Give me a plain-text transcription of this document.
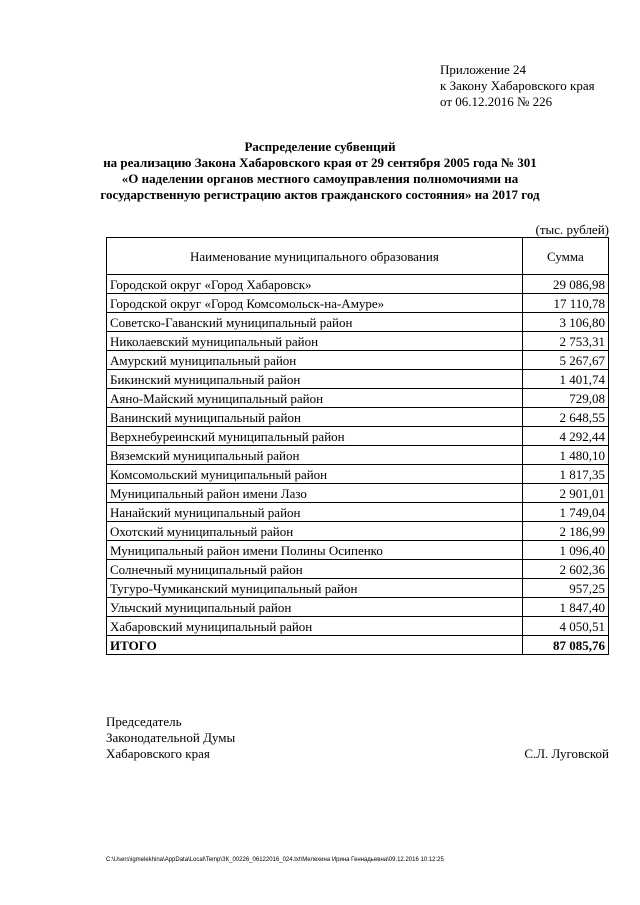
Приложение 24
к Закону Хабаровского края
от 06.12.2016 № 226
Распределение субвенций
на реализацию Закона Хабаровского края от 29 сентября 2005 года № 301
«О наделении органов местного самоуправления полномочиями на
государственную регистрацию актов гражданского состояния» на 2017 год
(тыс. рублей)
Наименование муниципального образования	Сумма
Городской округ «Город Хабаровск»	29 086,98
Городской округ «Город Комсомольск-на-Амуре»	17 110,78
Советско-Гаванский муниципальный район	3 106,80
Николаевский муниципальный район	2 753,31
Амурский муниципальный район	5 267,67
Бикинский муниципальный район	1 401,74
Аяно-Майский муниципальный район	729,08
Ванинский муниципальный район	2 648,55
Верхнебуреинский муниципальный район	4 292,44
Вяземский муниципальный район	1 480,10
Комсомольский муниципальный район	1 817,35
Муниципальный район имени Лазо	2 901,01
Нанайский муниципальный район	1 749,04
Охотский муниципальный район	2 186,99
Муниципальный район имени Полины Осипенко	1 096,40
Солнечный муниципальный район	2 602,36
Тугуро-Чумиканский муниципальный район	957,25
Ульчский муниципальный район	1 847,40
Хабаровский муниципальный район	4 050,51
ИТОГО	87 085,76
Председатель
Законодательной Думы
Хабаровского края	С.Л. Луговской
C:\Users\igmelekhina\AppData\Local\Temp\ЗК_00226_06122016_024.txt\Мелехина Ирина Геннадьевна\09.12.2016 10:12:25
